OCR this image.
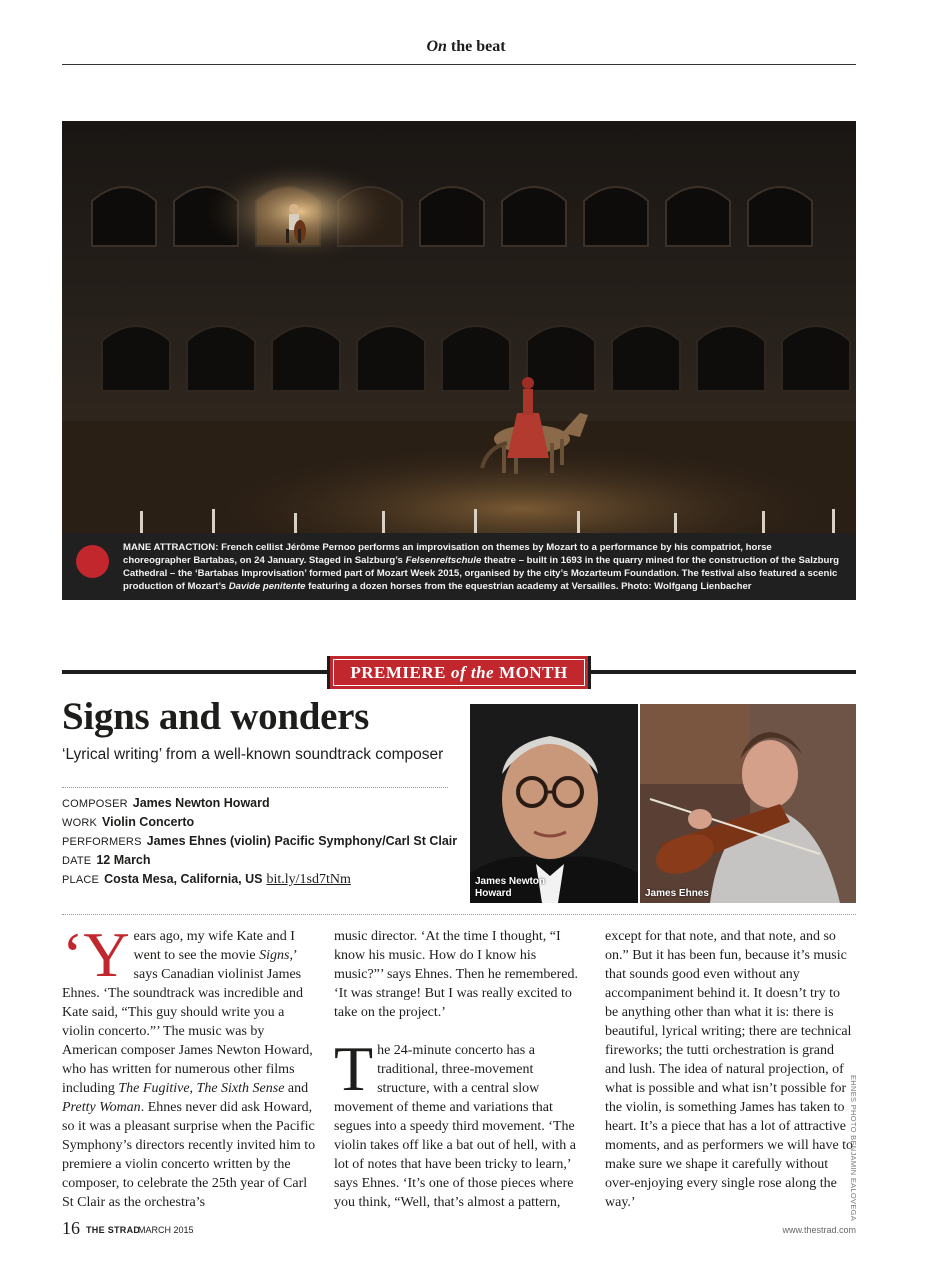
On the beat
MANE ATTRACTION: French cellist Jérôme Pernoo performs an improvisation on themes by Mozart to a performance by his compatriot, horse choreographer Bartabas, on 24 January. Staged in Salzburg’s Felsenreitschule theatre – built in 1693 in the quarry mined for the construction of the Salzburg Cathedral – the ‘Bartabas Improvisation’ formed part of Mozart Week 2015, organised by the city’s Mozarteum Foundation. The festival also featured a scenic production of Mozart’s Davide penitente featuring a dozen horses from the equestrian academy at Versailles. Photo: Wolfgang Lienbacher
PREMIERE of the MONTH
Signs and wonders
‘Lyrical writing’ from a well-known soundtrack composer
COMPOSER James Newton Howard
WORK Violin Concerto
PERFORMERS James Ehnes (violin) Pacific Symphony/Carl St Clair
DATE 12 March
PLACE Costa Mesa, California, US bit.ly/1sd7tNm	James Newton
Howard	James Ehnes
EHNES PHOTO BENJAMIN EALOVEGA

‘Years ago, my wife Kate and I went to see the movie Signs,’ says Canadian violinist James Ehnes. ‘The soundtrack was incredible and Kate said, “This guy should write you a violin concerto.”’ The music was by American composer James Newton Howard, who has written for numerous other films including The Fugitive, The Sixth Sense and Pretty Woman. Ehnes never did ask Howard, so it was a pleasant surprise when the Pacific Symphony’s directors recently invited him to premiere a violin concerto written by the composer, to celebrate the 25th year of Carl St Clair as the orchestra’s

music director. ‘At the time I thought, “I know his music. How do I know his music?”’ says Ehnes. Then he remembered. ‘It was strange! But I was really excited to take on the project.’

The 24-minute concerto has a traditional, three-movement structure, with a central slow movement of theme and variations that segues into a speedy third movement. ‘The violin takes off like a bat out of hell, with a lot of notes that have been tricky to learn,’ says Ehnes. ‘It’s one of those pieces where you think, “Well, that’s almost a pattern,

except for that note, and that note, and so on.” But it has been fun, because it’s music that sounds good even without any accompaniment behind it. It doesn’t try to be anything other than what it is: there is beautiful, lyrical writing; there are technical fireworks; the tutti orchestration is grand and lush. The idea of natural projection, of what is possible and what isn’t possible for the violin, is something James has taken to heart. It’s a piece that has a lot of attractive moments, and as performers we will have to make sure we shape it carefully without over-enjoying every single rose along the way.’

16 THE STRAD
MARCH 2015	www.thestrad.com
